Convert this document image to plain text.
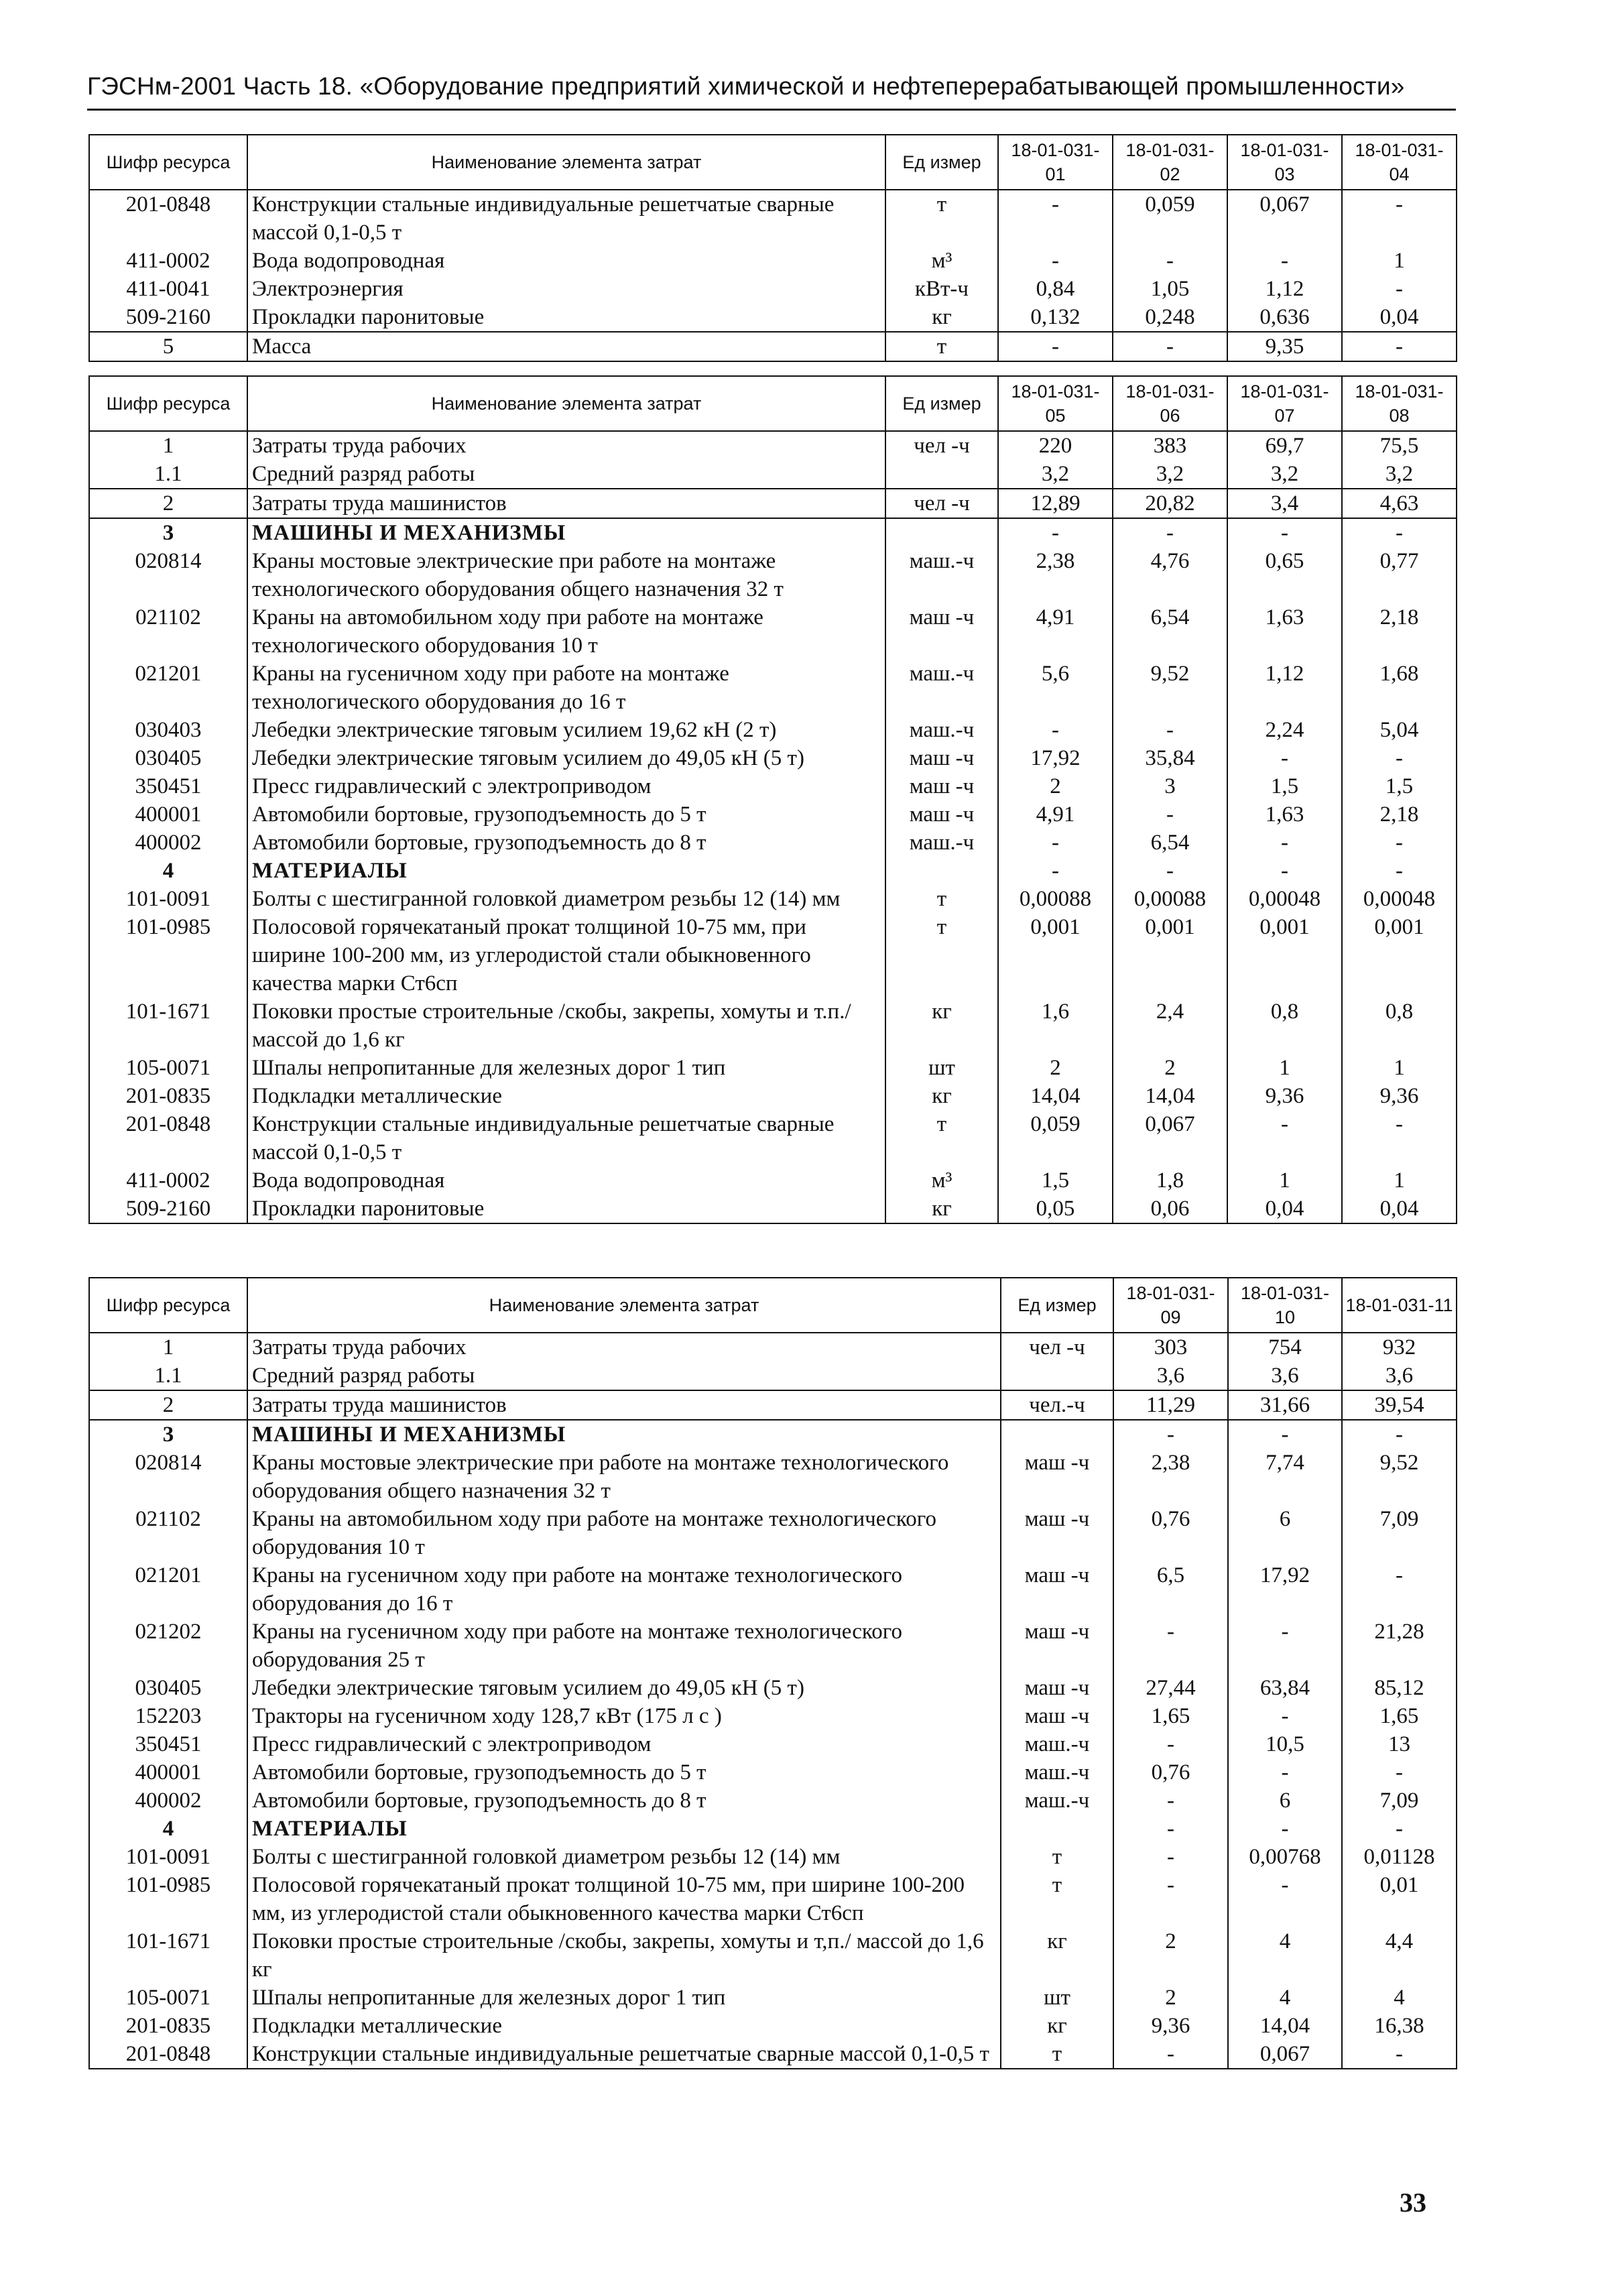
ГЭСНм-2001 Часть 18. «Оборудование предприятий химической и нефтеперерабатывающей промышленности»
Шифр ресурса	Наименование элемента затрат	Ед измер	18-01-031-01	18-01-031-02	18-01-031-03	18-01-031-04
201-0848	Конструкции стальные индивидуальные решетчатые сварные массой 0,1-0,5 т	т	-	0,059	0,067	-
411-0002	Вода водопроводная	м³	-	-	-	1
411-0041	Электроэнергия	кВт-ч	0,84	1,05	1,12	-
509-2160	Прокладки паронитовые	кг	0,132	0,248	0,636	0,04
5	Масса	т	-	-	9,35	-
Шифр ресурса	Наименование элемента затрат	Ед измер	18-01-031-05	18-01-031-06	18-01-031-07	18-01-031-08
1	Затраты труда рабочих	чел -ч	220	383	69,7	75,5
1.1	Средний разряд работы		3,2	3,2	3,2	3,2
2	Затраты труда машинистов	чел -ч	12,89	20,82	3,4	4,63
3	МАШИНЫ И МЕХАНИЗМЫ		-	-	-	-
020814	Краны мостовые электрические при работе на монтаже технологического оборудования общего назначения 32 т	маш.-ч	2,38	4,76	0,65	0,77
021102	Краны на автомобильном ходу при работе на монтаже технологического оборудования 10 т	маш -ч	4,91	6,54	1,63	2,18
021201	Краны на гусеничном ходу при работе на монтаже технологического оборудования до 16 т	маш.-ч	5,6	9,52	1,12	1,68
030403	Лебедки электрические тяговым усилием 19,62 кН (2 т)	маш.-ч	-	-	2,24	5,04
030405	Лебедки электрические тяговым усилием до 49,05 кН (5 т)	маш -ч	17,92	35,84	-	-
350451	Пресс гидравлический с электроприводом	маш -ч	2	3	1,5	1,5
400001	Автомобили бортовые, грузоподъемность до 5 т	маш -ч	4,91	-	1,63	2,18
400002	Автомобили бортовые, грузоподъемность до 8 т	маш.-ч	-	6,54	-	-
4	МАТЕРИАЛЫ		-	-	-	-
101-0091	Болты с шестигранной головкой диаметром резьбы 12 (14) мм	т	0,00088	0,00088	0,00048	0,00048
101-0985	Полосовой горячекатаный прокат толщиной 10-75 мм, при ширине 100-200 мм, из углеродистой стали обыкновенного качества марки Ст6сп	т	0,001	0,001	0,001	0,001
101-1671	Поковки простые строительные /скобы, закрепы, хомуты и т.п./ массой до 1,6 кг	кг	1,6	2,4	0,8	0,8
105-0071	Шпалы непропитанные для железных дорог 1 тип	шт	2	2	1	1
201-0835	Подкладки металлические	кг	14,04	14,04	9,36	9,36
201-0848	Конструкции стальные индивидуальные решетчатые сварные массой 0,1-0,5 т	т	0,059	0,067	-	-
411-0002	Вода водопроводная	м³	1,5	1,8	1	1
509-2160	Прокладки паронитовые	кг	0,05	0,06	0,04	0,04
Шифр ресурса	Наименование элемента затрат	Ед измер	18-01-031-09	18-01-031-10	18-01-031-11
1	Затраты труда рабочих	чел -ч	303	754	932
1.1	Средний разряд работы		3,6	3,6	3,6
2	Затраты труда машинистов	чел.-ч	11,29	31,66	39,54
3	МАШИНЫ И МЕХАНИЗМЫ		-	-	-
020814	Краны мостовые электрические при работе на монтаже технологического оборудования общего назначения 32 т	маш -ч	2,38	7,74	9,52
021102	Краны на автомобильном ходу при работе на монтаже технологического оборудования 10 т	маш -ч	0,76	6	7,09
021201	Краны на гусеничном ходу при работе на монтаже технологического оборудования до 16 т	маш -ч	6,5	17,92	-
021202	Краны на гусеничном ходу при работе на монтаже технологического оборудования 25 т	маш -ч	-	-	21,28
030405	Лебедки электрические тяговым усилием до 49,05 кН (5 т)	маш -ч	27,44	63,84	85,12
152203	Тракторы на гусеничном ходу 128,7 кВт (175 л с )	маш -ч	1,65	-	1,65
350451	Пресс гидравлический с электроприводом	маш.-ч	-	10,5	13
400001	Автомобили бортовые, грузоподъемность до 5 т	маш.-ч	0,76	-	-
400002	Автомобили бортовые, грузоподъемность до 8 т	маш.-ч	-	6	7,09
4	МАТЕРИАЛЫ		-	-	-
101-0091	Болты с шестигранной головкой диаметром резьбы 12 (14) мм	т	-	0,00768	0,01128
101-0985	Полосовой горячекатаный прокат толщиной 10-75 мм, при ширине 100-200 мм, из углеродистой стали обыкновенного качества марки Ст6сп	т	-	-	0,01
101-1671	Поковки простые строительные /скобы, закрепы, хомуты и т,п./ массой до 1,6 кг	кг	2	4	4,4
105-0071	Шпалы непропитанные для железных дорог 1 тип	шт	2	4	4
201-0835	Подкладки металлические	кг	9,36	14,04	16,38
201-0848	Конструкции стальные индивидуальные решетчатые сварные массой 0,1-0,5 т	т	-	0,067	-
33
